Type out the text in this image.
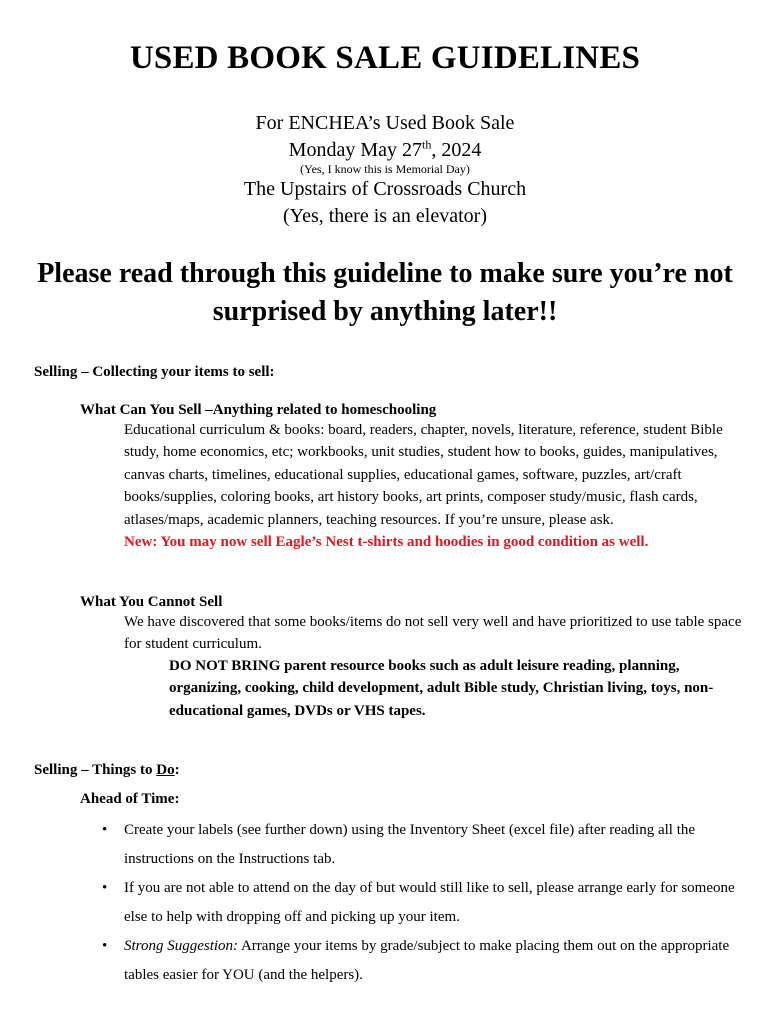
USED BOOK SALE GUIDELINES
For ENCHEA’s Used Book Sale
Monday May 27th, 2024
(Yes, I know this is Memorial Day)
The Upstairs of Crossroads Church
(Yes, there is an elevator)
Please read through this guideline to make sure you’re not surprised by anything later!!
Selling – Collecting your items to sell:
What Can You Sell –Anything related to homeschooling
Educational curriculum & books: board, readers, chapter, novels, literature, reference, student Bible study, home economics, etc; workbooks, unit studies, student how to books, guides, manipulatives, canvas charts, timelines, educational supplies, educational games, software, puzzles, art/craft books/supplies, coloring books, art history books, art prints, composer study/music, flash cards, atlases/maps, academic planners, teaching resources. If you’re unsure, please ask.
New: You may now sell Eagle’s Nest t-shirts and hoodies in good condition as well.
What You Cannot Sell
We have discovered that some books/items do not sell very well and have prioritized to use table space for student curriculum.
DO NOT BRING parent resource books such as adult leisure reading, planning, organizing, cooking, child development, adult Bible study, Christian living, toys, non-educational games, DVDs or VHS tapes.
Selling – Things to Do:
Ahead of Time:
• Create your labels (see further down) using the Inventory Sheet (excel file) after reading all the instructions on the Instructions tab.
• If you are not able to attend on the day of but would still like to sell, please arrange early for someone else to help with dropping off and picking up your item.
• Strong Suggestion: Arrange your items by grade/subject to make placing them out on the appropriate tables easier for YOU (and the helpers).
